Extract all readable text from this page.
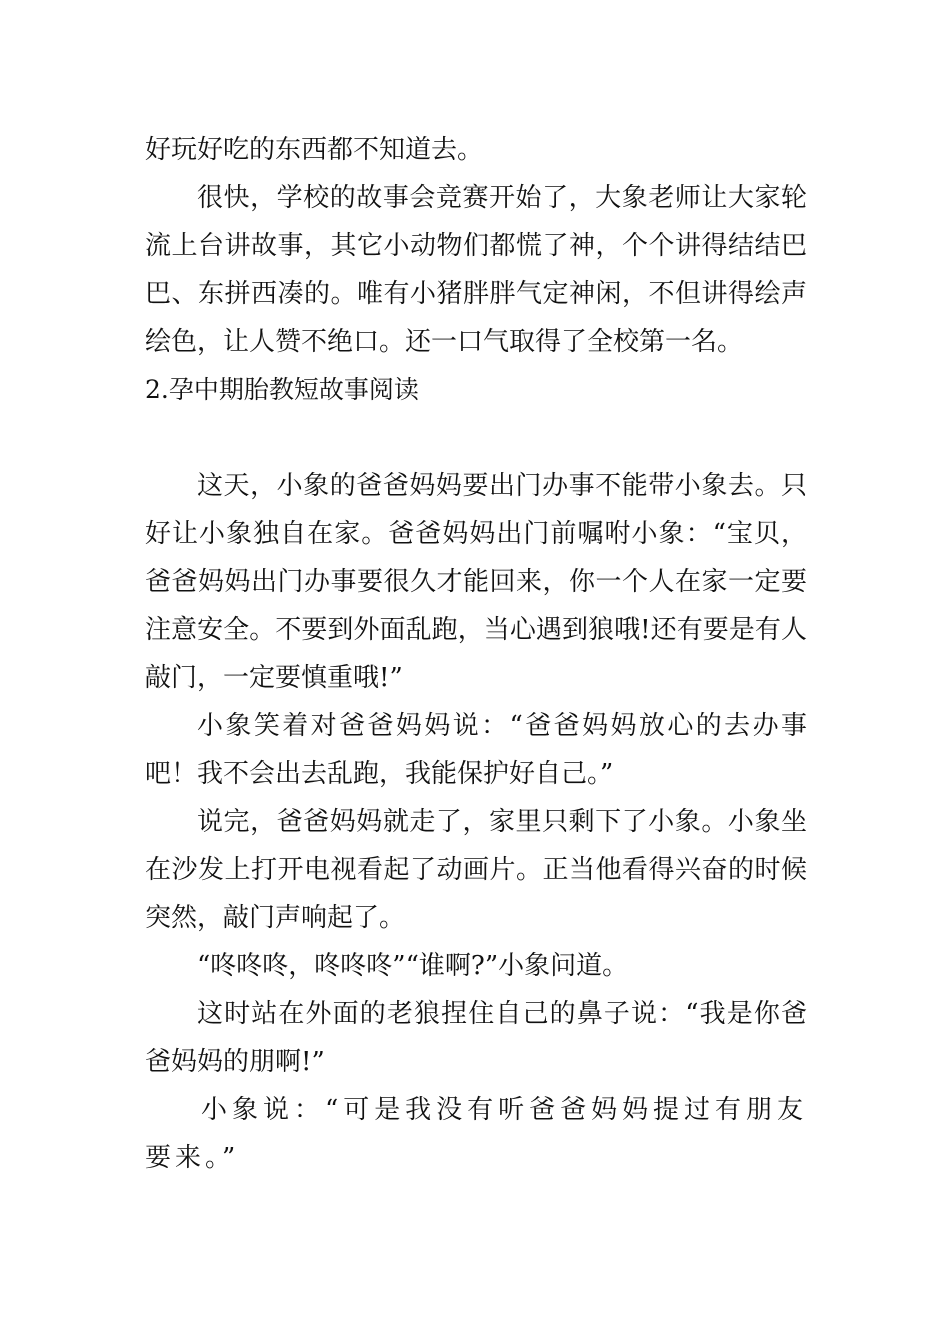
好玩好吃的东西都不知道去。

很快，学校的故事会竞赛开始了，大象老师让大家轮流上台讲故事，其它小动物们都慌了神，个个讲得结结巴巴、东拼西凑的。唯有小猪胖胖气定神闲，不但讲得绘声绘色，让人赞不绝口。还一口气取得了全校第一名。

2.孕中期胎教短故事阅读

这天，小象的爸爸妈妈要出门办事不能带小象去。只好让小象独自在家。爸爸妈妈出门前嘱咐小象：“宝贝，爸爸妈妈出门办事要很久才能回来，你一个人在家一定要注意安全。不要到外面乱跑，当心遇到狼哦!还有要是有人敲门，一定要慎重哦!”

小象笑着对爸爸妈妈说：“爸爸妈妈放心的去办事吧！我不会出去乱跑，我能保护好自己。”

说完，爸爸妈妈就走了，家里只剩下了小象。小象坐在沙发上打开电视看起了动画片。正当他看得兴奋的时候突然，敲门声响起了。

“咚咚咚，咚咚咚”“谁啊?”小象问道。

这时站在外面的老狼捏住自己的鼻子说：“我是你爸爸妈妈的朋啊!”

小象说：“可是我没有听爸爸妈妈提过有朋友要来。”
